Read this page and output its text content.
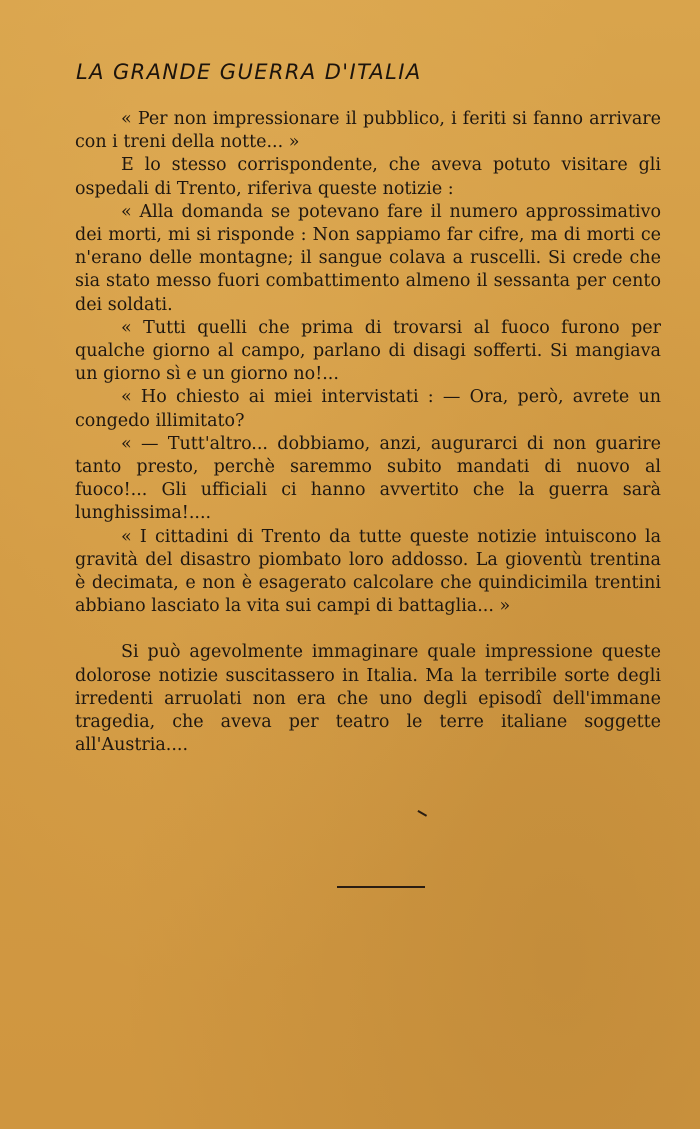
LA GRANDE GUERRA D'ITALIA

« Per non impressionare il pubblico, i feriti si fanno arrivare con i treni della notte... »

E lo stesso corrispondente, che aveva potuto visitare gli ospedali di Trento, riferiva queste notizie :

« Alla domanda se potevano fare il numero approssimativo dei morti, mi si risponde : Non sappiamo far cifre, ma di morti ce n'erano delle montagne; il sangue colava a ruscelli. Si crede che sia stato messo fuori combattimento almeno il sessanta per cento dei soldati.

« Tutti quelli che prima di trovarsi al fuoco furono per qualche giorno al campo, parlano di disagi sofferti. Si mangiava un giorno sì e un giorno no!...

« Ho chiesto ai miei intervistati : — Ora, però, avrete un congedo illimitato?

« — Tutt'altro... dobbiamo, anzi, augurarci di non guarire tanto presto, perchè saremmo subito mandati di nuovo al fuoco!... Gli ufficiali ci hanno avvertito che la guerra sarà lunghissima!....

« I cittadini di Trento da tutte queste notizie intuiscono la gravità del disastro piombato loro addosso. La gioventù trentina è decimata, e non è esagerato calcolare che quindicimila trentini abbiano lasciato la vita sui campi di battaglia... »

Si può agevolmente immaginare quale impressione queste dolorose notizie suscitassero in Italia. Ma la terribile sorte degli irredenti arruolati non era che uno degli episodî dell'immane tragedia, che aveva per teatro le terre italiane soggette all'Austria....
